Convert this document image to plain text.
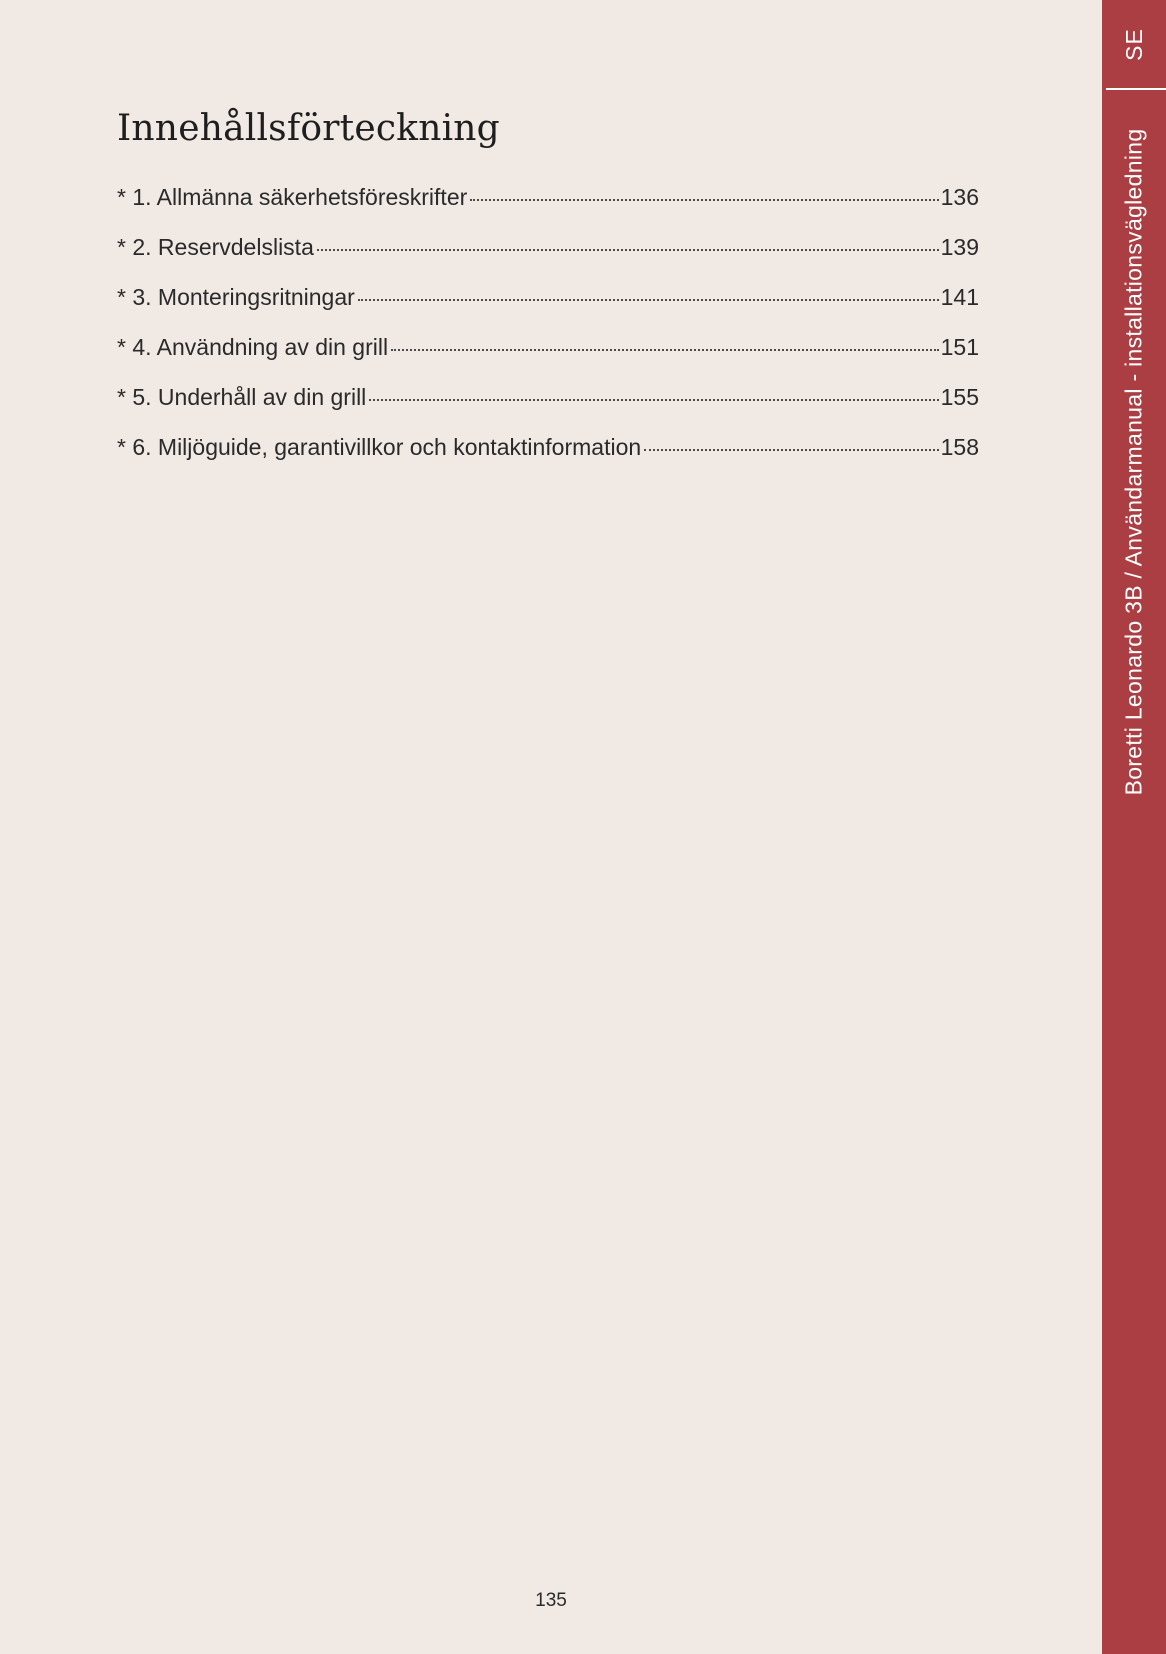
SE
Boretti Leonardo 3B / Användarmanual - installationsvägledning
Innehållsförteckning
* 1. Allmänna säkerhetsföreskrifter	136
* 2. Reservdelslista	139
* 3. Monteringsritningar	141
* 4. Användning av din grill	151
* 5. Underhåll av din grill	155
* 6. Miljöguide, garantivillkor och kontaktinformation	158
135
